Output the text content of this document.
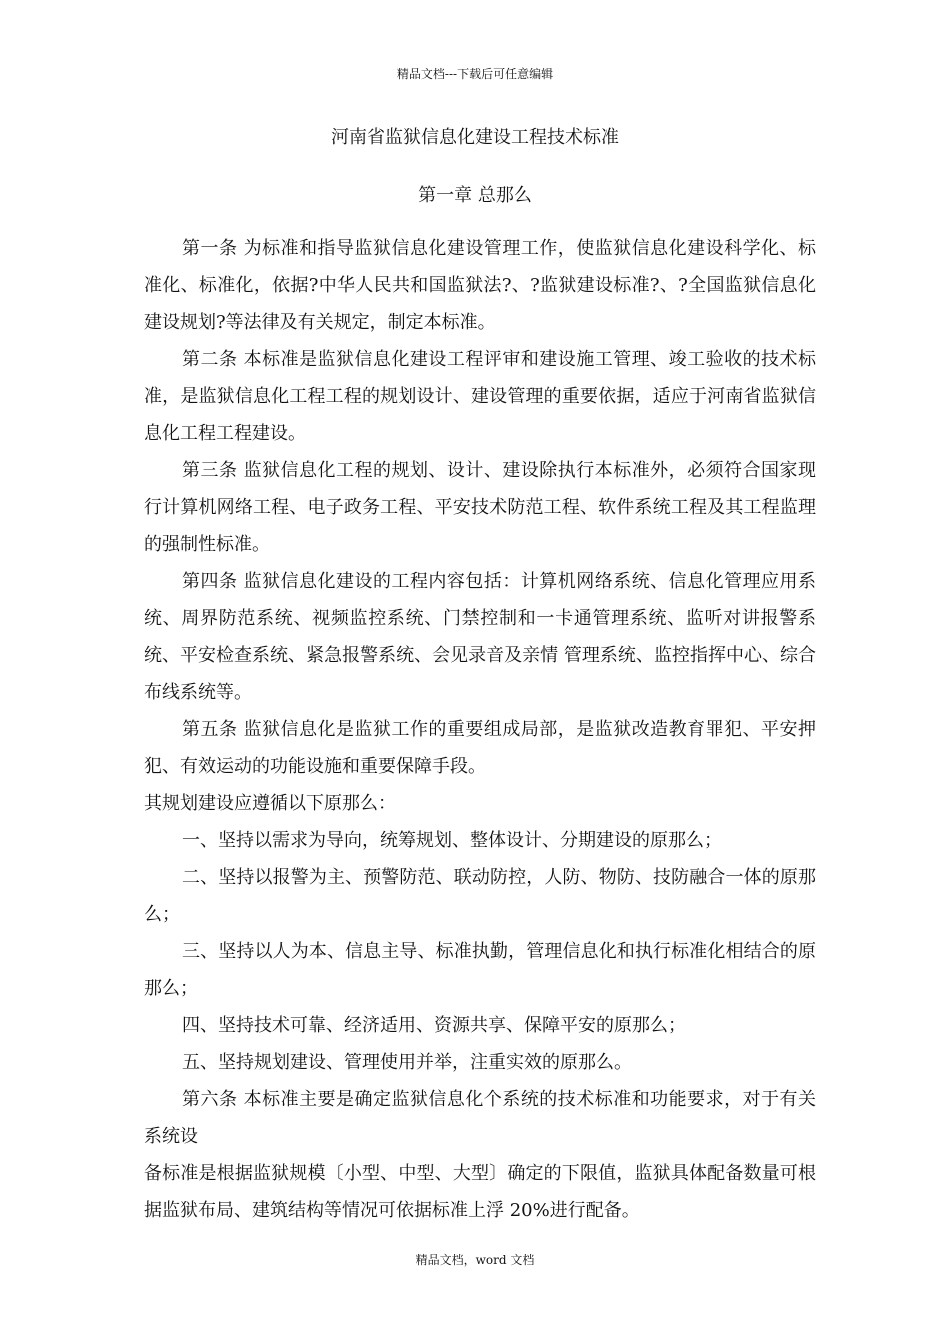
精品文档---下载后可任意编辑
河南省监狱信息化建设工程技术标准
第一章 总那么

第一条 为标准和指导监狱信息化建设管理工作，使监狱信息化建设科学化、标准化、标准化，依据?中华人民共和国监狱法?、?监狱建设标准?、?全国监狱信息化建设规划?等法律及有关规定，制定本标准。

第二条 本标准是监狱信息化建设工程评审和建设施工管理、竣工验收的技术标准，是监狱信息化工程工程的规划设计、建设管理的重要依据，适应于河南省监狱信息化工程工程建设。

第三条 监狱信息化工程的规划、设计、建设除执行本标准外，必须符合国家现行计算机网络工程、电子政务工程、平安技术防范工程、软件系统工程及其工程监理的强制性标准。

第四条 监狱信息化建设的工程内容包括：计算机网络系统、信息化管理应用系统、周界防范系统、视频监控系统、门禁控制和一卡通管理系统、监听对讲报警系统、平安检查系统、紧急报警系统、会见录音及亲情 管理系统、监控指挥中心、综合布线系统等。

第五条 监狱信息化是监狱工作的重要组成局部，是监狱改造教育罪犯、平安押犯、有效运动的功能设施和重要保障手段。

其规划建设应遵循以下原那么：

一、坚持以需求为导向，统筹规划、整体设计、分期建设的原那么；

二、坚持以报警为主、预警防范、联动防控，人防、物防、技防融合一体的原那么；

三、坚持以人为本、信息主导、标准执勤，管理信息化和执行标准化相结合的原那么；

四、坚持技术可靠、经济适用、资源共享、保障平安的原那么；

五、坚持规划建设、管理使用并举，注重实效的原那么。

第六条 本标准主要是确定监狱信息化个系统的技术标准和功能要求，对于有关系统设

备标准是根据监狱规模〔小型、中型、大型〕确定的下限值，监狱具体配备数量可根据监狱布局、建筑结构等情况可依据标准上浮 20%进行配备。

精品文档，word 文档
